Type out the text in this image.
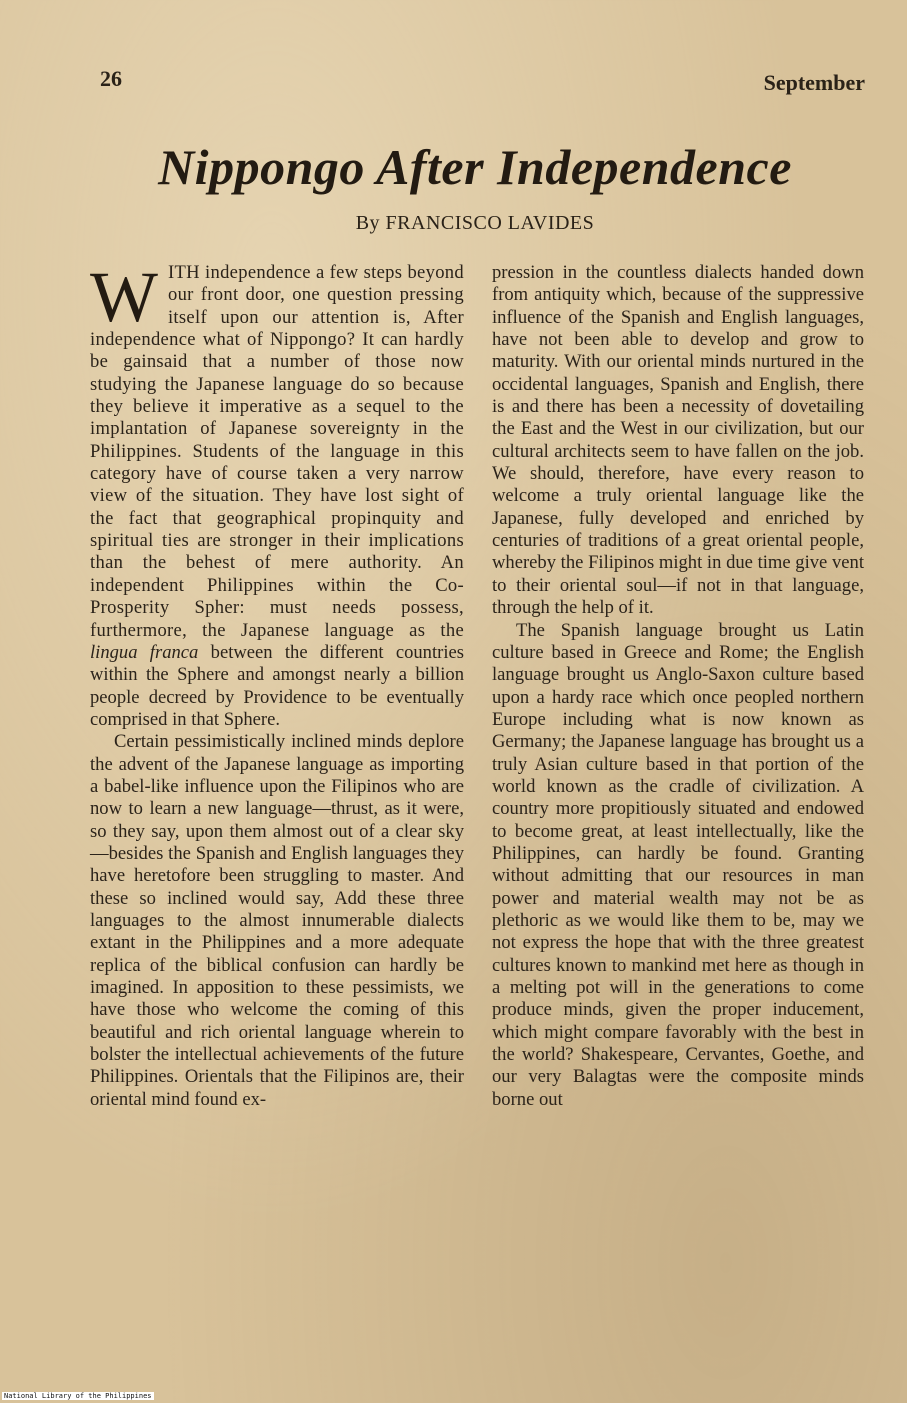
26	September
Nippongo After Independence
By FRANCISCO LAVIDES

WITH independence a few steps beyond our front door, one question pressing itself upon our attention is, After independence what of Nippongo? It can hardly be gainsaid that a number of those now studying the Japanese language do so because they believe it imperative as a sequel to the implantation of Japanese sovereignty in the Philippines. Students of the language in this category have of course taken a very narrow view of the situation. They have lost sight of the fact that geographical propinquity and spiritual ties are stronger in their implications than the behest of mere authority. An independent Philippines within the Co-Prosperity Spher: must needs possess, furthermore, the Japanese language as the lingua franca between the different countries within the Sphere and amongst nearly a billion people decreed by Providence to be eventually comprised in that Sphere.

Certain pessimistically inclined minds deplore the advent of the Japanese language as importing a babel-like influence upon the Filipinos who are now to learn a new language—thrust, as it were, so they say, upon them almost out of a clear sky—besides the Spanish and English languages they have heretofore been struggling to master. And these so inclined would say, Add these three languages to the almost innumerable dialects extant in the Philippines and a more adequate replica of the biblical confusion can hardly be imagined. In apposition to these pessimists, we have those who welcome the coming of this beautiful and rich oriental language wherein to bolster the intellectual achievements of the future Philippines. Orientals that the Filipinos are, their oriental mind found ex-

pression in the countless dialects handed down from antiquity which, because of the suppressive influence of the Spanish and English languages, have not been able to develop and grow to maturity. With our oriental minds nurtured in the occidental languages, Spanish and English, there is and there has been a necessity of dovetailing the East and the West in our civilization, but our cultural architects seem to have fallen on the job. We should, therefore, have every reason to welcome a truly oriental language like the Japanese, fully developed and enriched by centuries of traditions of a great oriental people, whereby the Filipinos might in due time give vent to their oriental soul—if not in that language, through the help of it.

The Spanish language brought us Latin culture based in Greece and Rome; the English language brought us Anglo-Saxon culture based upon a hardy race which once peopled northern Europe including what is now known as Germany; the Japanese language has brought us a truly Asian culture based in that portion of the world known as the cradle of civilization. A country more propitiously situated and endowed to become great, at least intellectually, like the Philippines, can hardly be found. Granting without admitting that our resources in man power and material wealth may not be as plethoric as we would like them to be, may we not express the hope that with the three greatest cultures known to mankind met here as though in a melting pot will in the generations to come produce minds, given the proper inducement, which might compare favorably with the best in the world? Shakespeare, Cervantes, Goethe, and our very Balagtas were the composite minds borne out

National Library of the Philippines
